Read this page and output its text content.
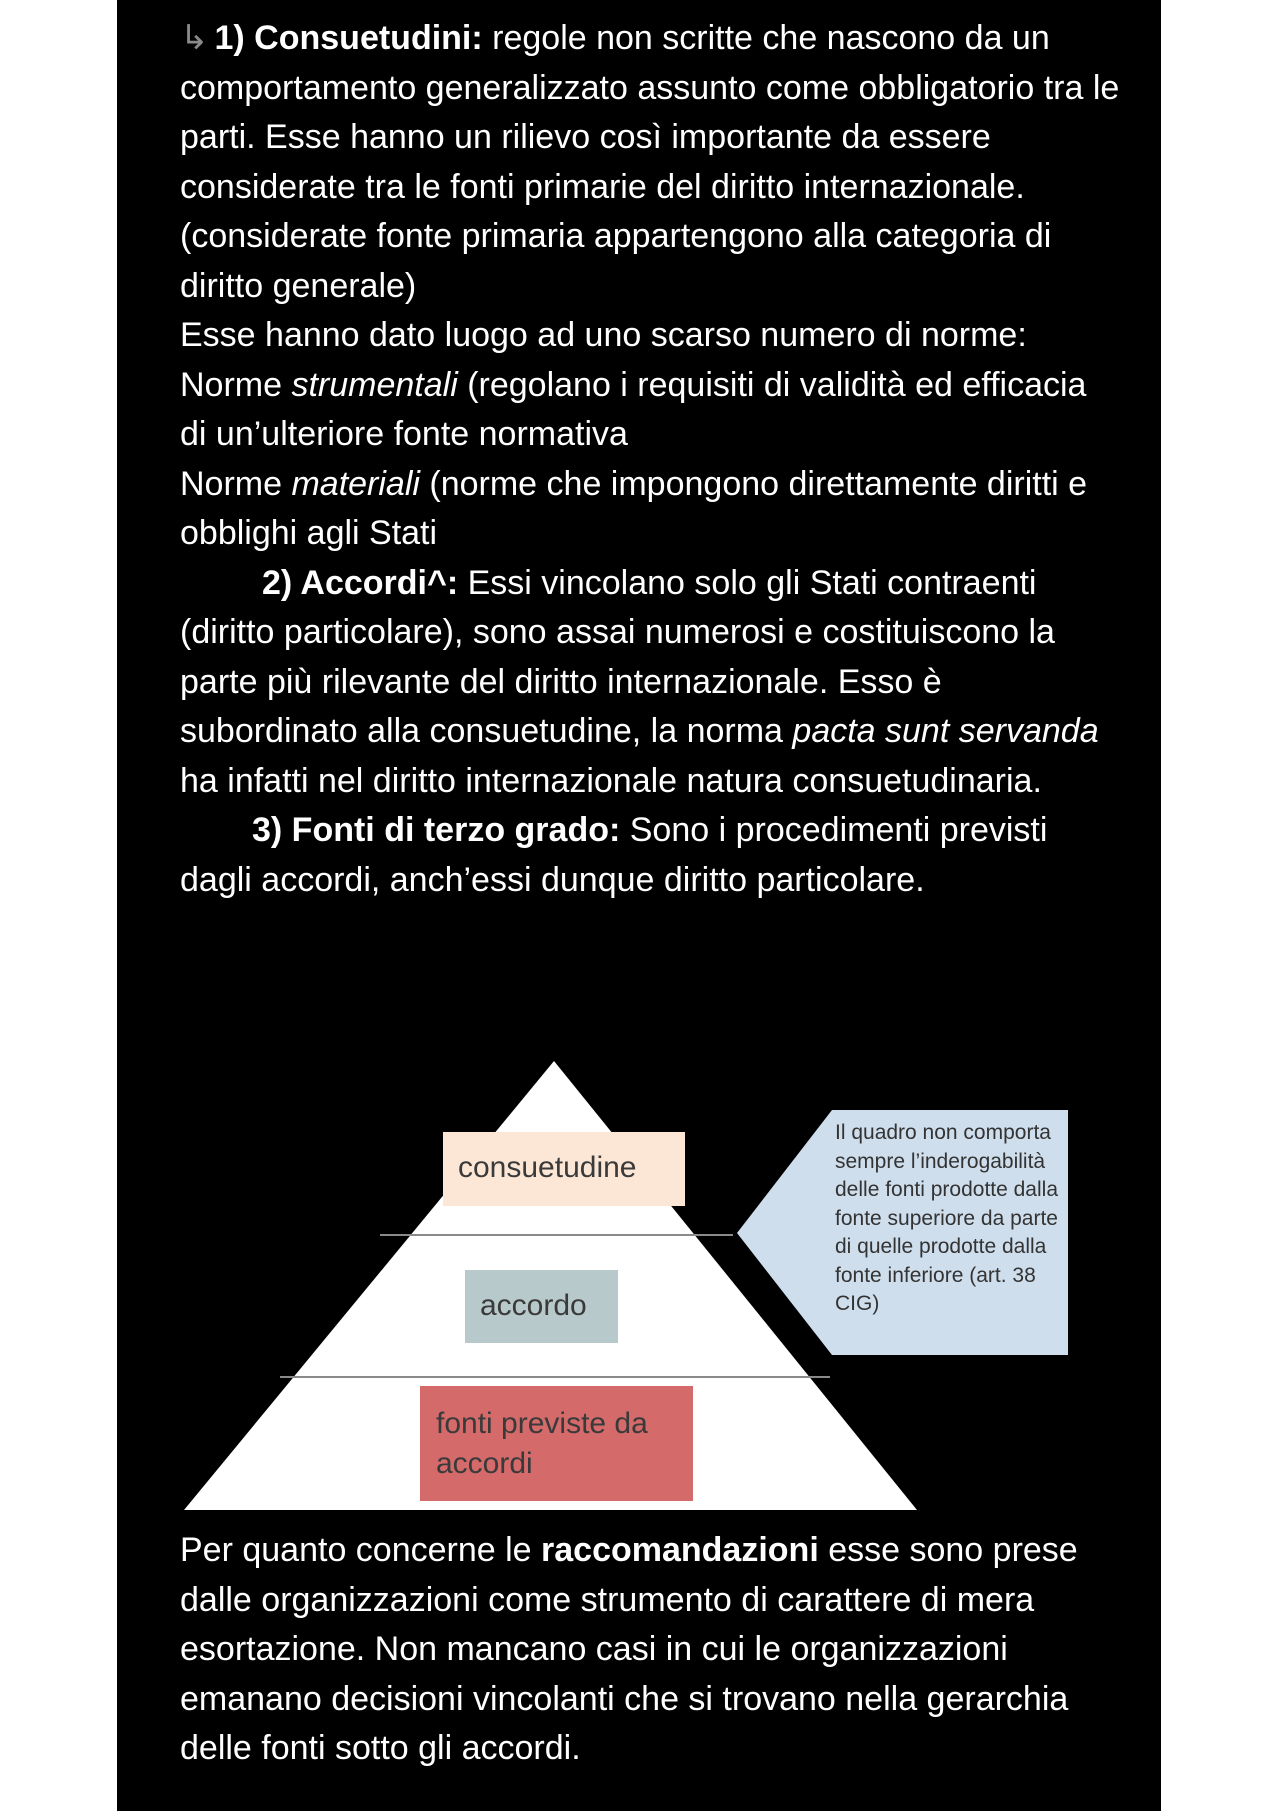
↳ 1) Consuetudini: regole non scritte che nascono da un comportamento generalizzato assunto come obbligatorio tra le parti. Esse hanno un rilievo così importante da essere considerate tra le fonti primarie del diritto internazionale. (considerate fonte primaria appartengono alla categoria di diritto generale)

Esse hanno dato luogo ad uno scarso numero di norme:

Norme strumentali (regolano i requisiti di validità ed efficacia di un’ulteriore fonte normativa

Norme materiali (norme che impongono direttamente diritti e obblighi agli Stati

2) Accordi^: Essi vincolano solo gli Stati contraenti (diritto particolare), sono assai numerosi e costituiscono la parte più rilevante del diritto internazionale. Esso è subordinato alla consuetudine, la norma pacta sunt servanda ha infatti nel diritto internazionale natura consuetudinaria.

3) Fonti di terzo grado: Sono i procedimenti previsti dagli accordi, anch’essi dunque diritto particolare.

consuetudine
accordo
fonti previste da accordi
Il quadro non comporta sempre l’inderogabilità delle fonti prodotte dalla fonte superiore da parte di quelle prodotte dalla fonte inferiore (art. 38 CIG)

Per quanto concerne le raccomandazioni esse sono prese dalle organizzazioni come strumento di carattere di mera esortazione. Non mancano casi in cui le organizzazioni emanano decisioni vincolanti che si trovano nella gerarchia delle fonti sotto gli accordi.
